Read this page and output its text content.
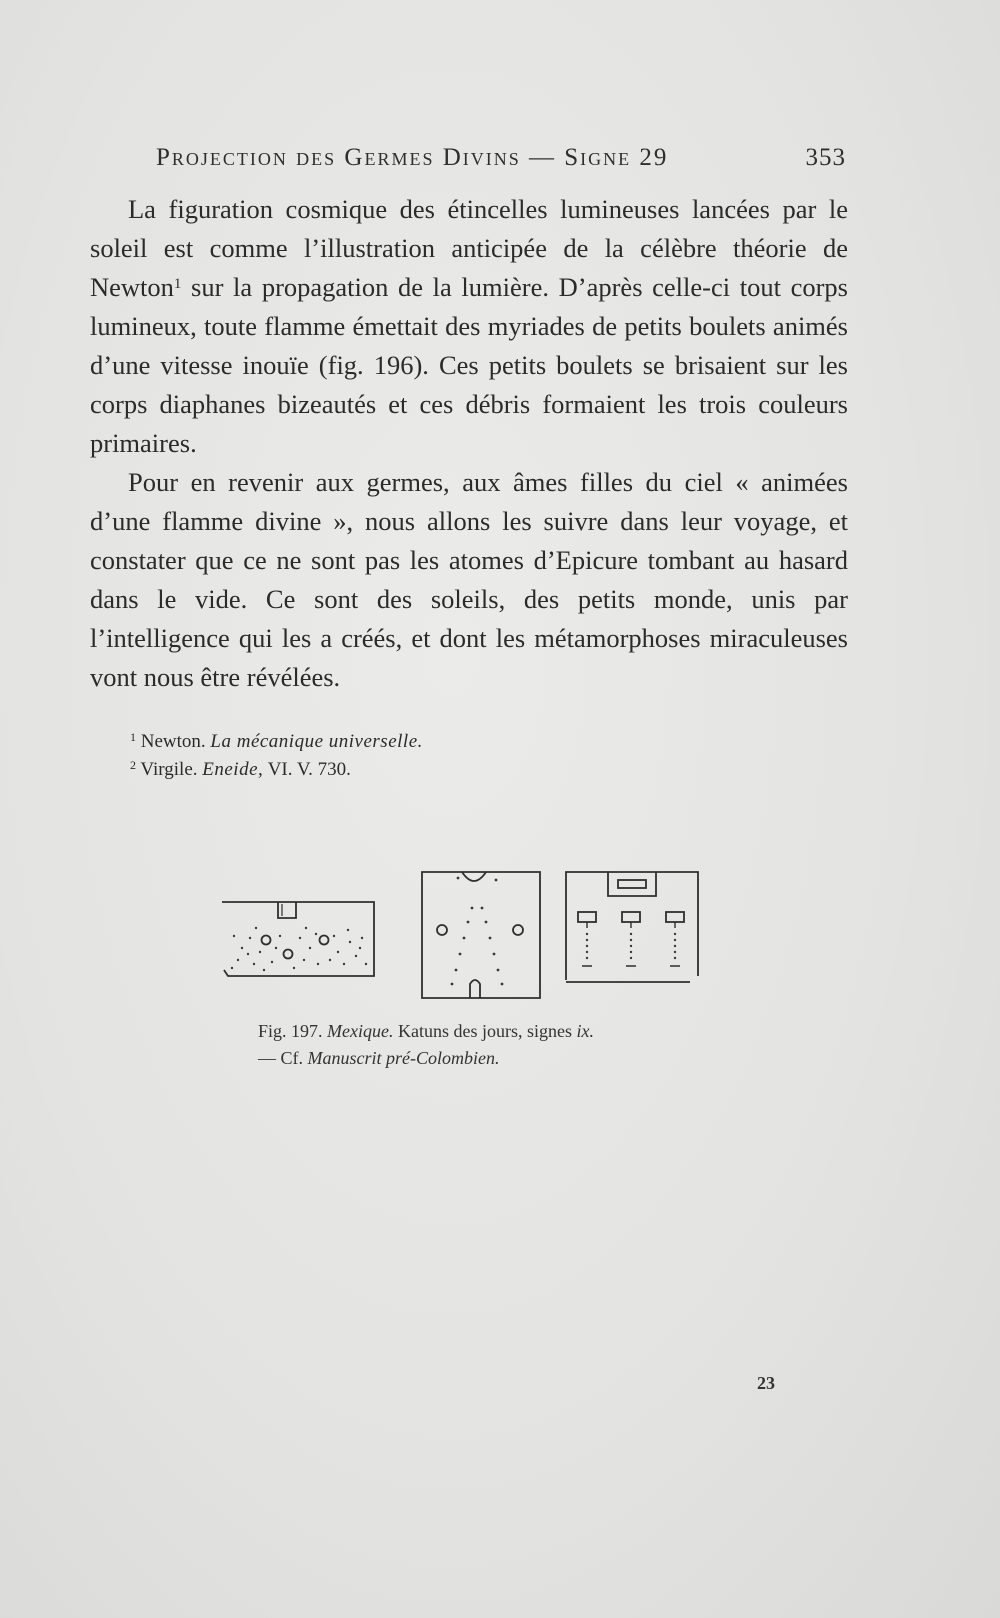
Projection des Germes Divins — Signe 29	353

La figuration cosmique des étincelles lumineuses lancées par le soleil est comme l’illustration anticipée de la célèbre théorie de Newton$^1$ sur la propagation de la lumière. D’après celle-ci tout corps lumineux, toute flamme émettait des myriades de petits boulets animés d’une vitesse inouïe (fig. 196). Ces petits boulets se brisaient sur les corps diaphanes bizeautés et ces débris formaient les trois couleurs primaires.

Pour en revenir aux germes, aux âmes filles du ciel « animées d’une flamme divine », nous allons les suivre dans leur voyage, et constater que ce ne sont pas les atomes d’Epicure tombant au hasard dans le vide. Ce sont des soleils, des petits monde, unis par l’intelligence qui les a créés, et dont les métamorphoses miraculeuses vont nous être révélées.

$^1$ Newton. La mécanique universelle.
$^2$ Virgile. Eneide, VI. V. 730.
Fig. 197. Mexique. Katuns des jours, signes ix.
— Cf. Manuscrit pré-Colombien.
23
